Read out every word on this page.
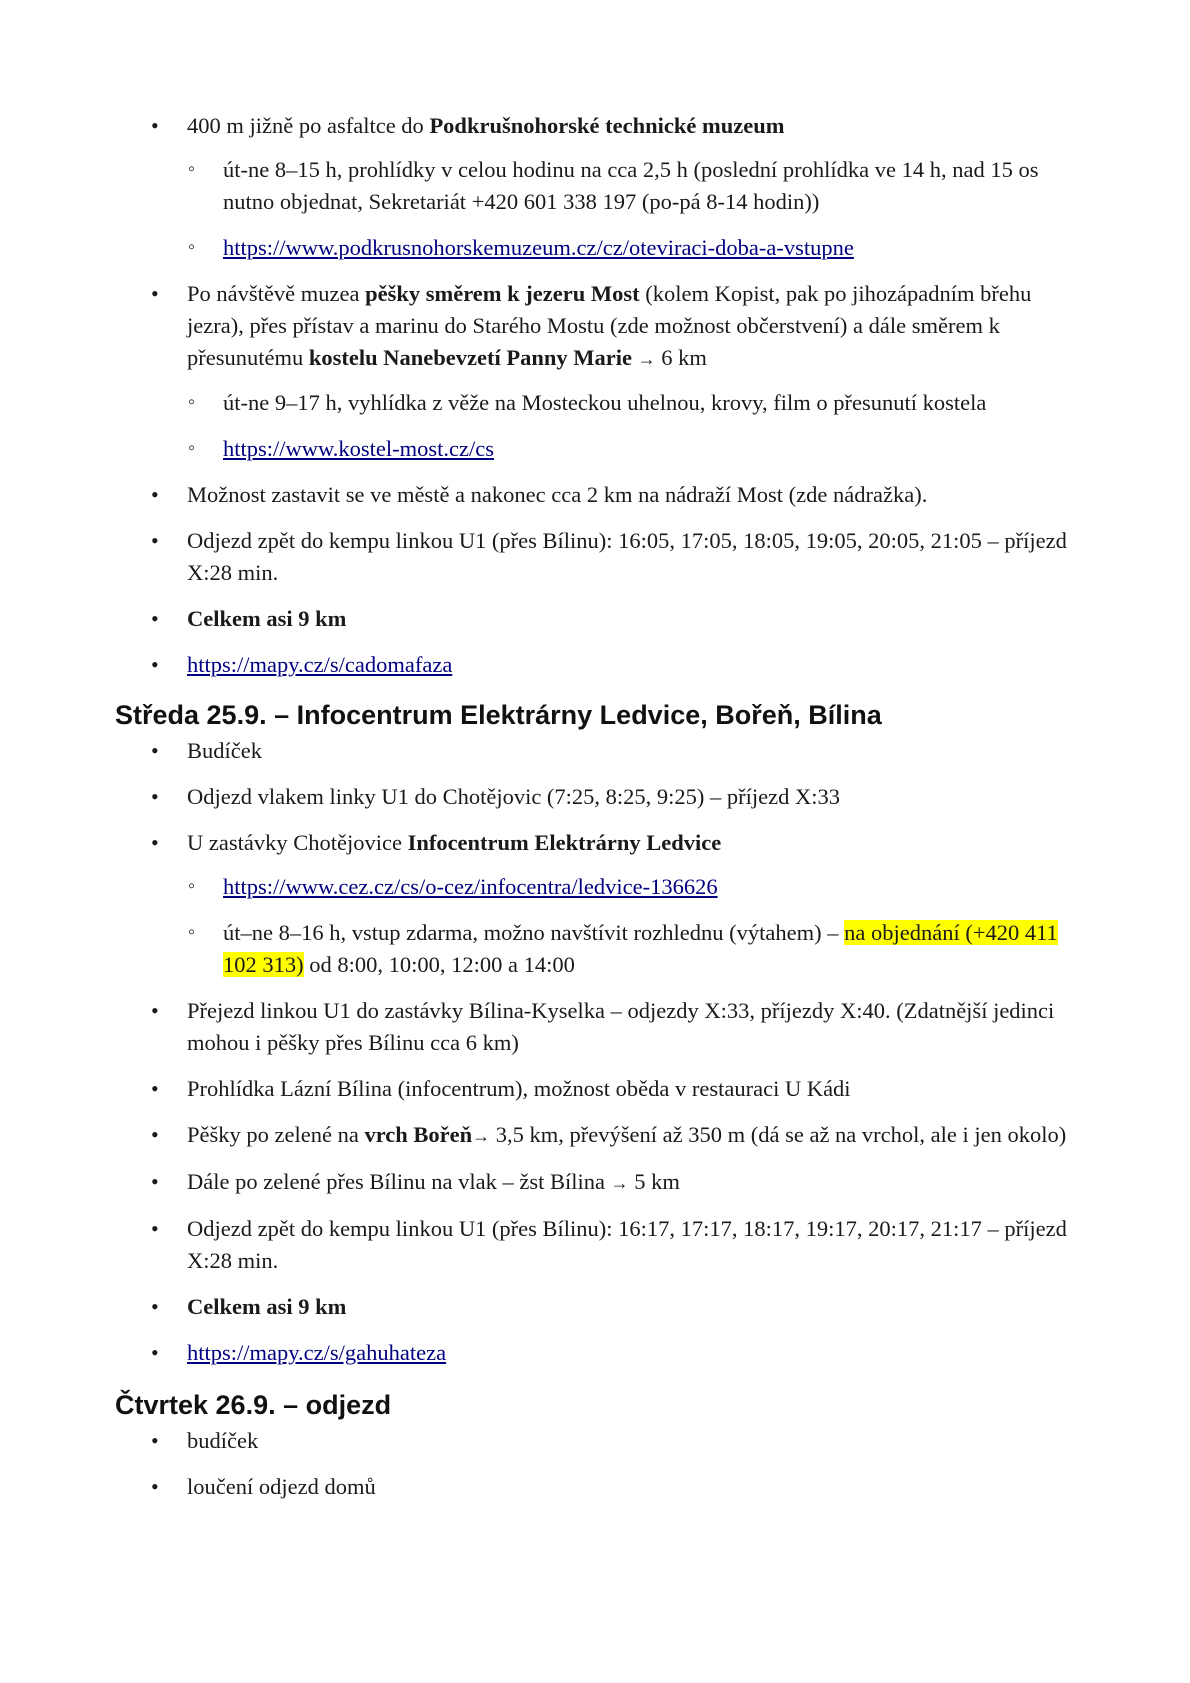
• 400 m jižně po asfaltce do Podkrušnohorské technické muzeum
◦ út-ne 8–15 h, prohlídky v celou hodinu na cca 2,5 h (poslední prohlídka ve 14 h, nad 15 os nutno objednat, Sekretariát +420 601 338 197 (po-pá 8-14 hodin))
◦ https://www.podkrusnohorskemuzeum.cz/cz/oteviraci-doba-a-vstupne
• Po návštěvě muzea pěšky směrem k jezeru Most (kolem Kopist, pak po jihozápadním břehu jezra), přes přístav a marinu do Starého Mostu (zde možnost občerstvení) a dále směrem k přesunutému kostelu Nanebevzetí Panny Marie → 6 km
◦ út-ne 9–17 h, vyhlídka z věže na Mosteckou uhelnou, krovy, film o přesunutí kostela
◦ https://www.kostel-most.cz/cs
• Možnost zastavit se ve městě a nakonec cca 2 km na nádraží Most (zde nádražka).
• Odjezd zpět do kempu linkou U1 (přes Bílinu): 16:05, 17:05, 18:05, 19:05, 20:05, 21:05 – příjezd X:28 min.
• Celkem asi 9 km
• https://mapy.cz/s/cadomafaza
Středa 25.9. – Infocentrum Elektrárny Ledvice, Bořeň, Bílina
• Budíček
• Odjezd vlakem linky U1 do Chotějovic (7:25, 8:25, 9:25) – příjezd X:33
• U zastávky Chotějovice Infocentrum Elektrárny Ledvice
◦ https://www.cez.cz/cs/o-cez/infocentra/ledvice-136626
◦ út–ne 8–16 h, vstup zdarma, možno navštívit rozhlednu (výtahem) – na objednání (+420 411 102 313) od 8:00, 10:00, 12:00 a 14:00
• Přejezd linkou U1 do zastávky Bílina-Kyselka – odjezdy X:33, příjezdy X:40. (Zdatnější jedinci mohou i pěšky přes Bílinu cca 6 km)
• Prohlídka Lázní Bílina (infocentrum), možnost oběda v restauraci U Kádi
• Pěšky po zelené na vrch Bořeň→ 3,5 km, převýšení až 350 m (dá se až na vrchol, ale i jen okolo)
• Dále po zelené přes Bílinu na vlak – žst Bílina → 5 km
• Odjezd zpět do kempu linkou U1 (přes Bílinu): 16:17, 17:17, 18:17, 19:17, 20:17, 21:17 – příjezd X:28 min.
• Celkem asi 9 km
• https://mapy.cz/s/gahuhateza
Čtvrtek 26.9. – odjezd
• budíček
• loučení odjezd domů
